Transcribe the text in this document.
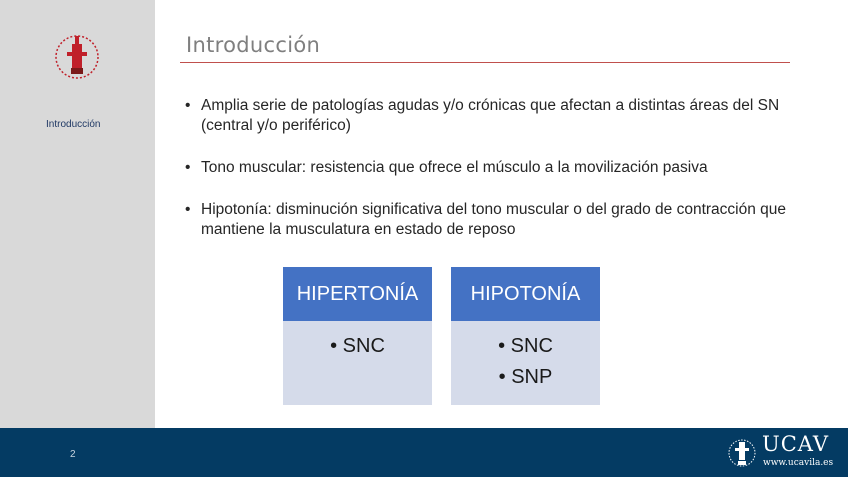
Introducción
Introducción
• Amplia serie de patologías agudas y/o crónicas que afectan a distintas áreas del SN (central y/o periférico)
• Tono muscular: resistencia que ofrece el músculo a la movilización pasiva
• Hipotonía: disminución significativa del tono muscular o del grado de contracción que mantiene la musculatura en estado de reposo
HIPERTONÍA
• SNC
HIPOTONÍA
• SNC
• SNP
2	UCAV
www.ucavila.es
